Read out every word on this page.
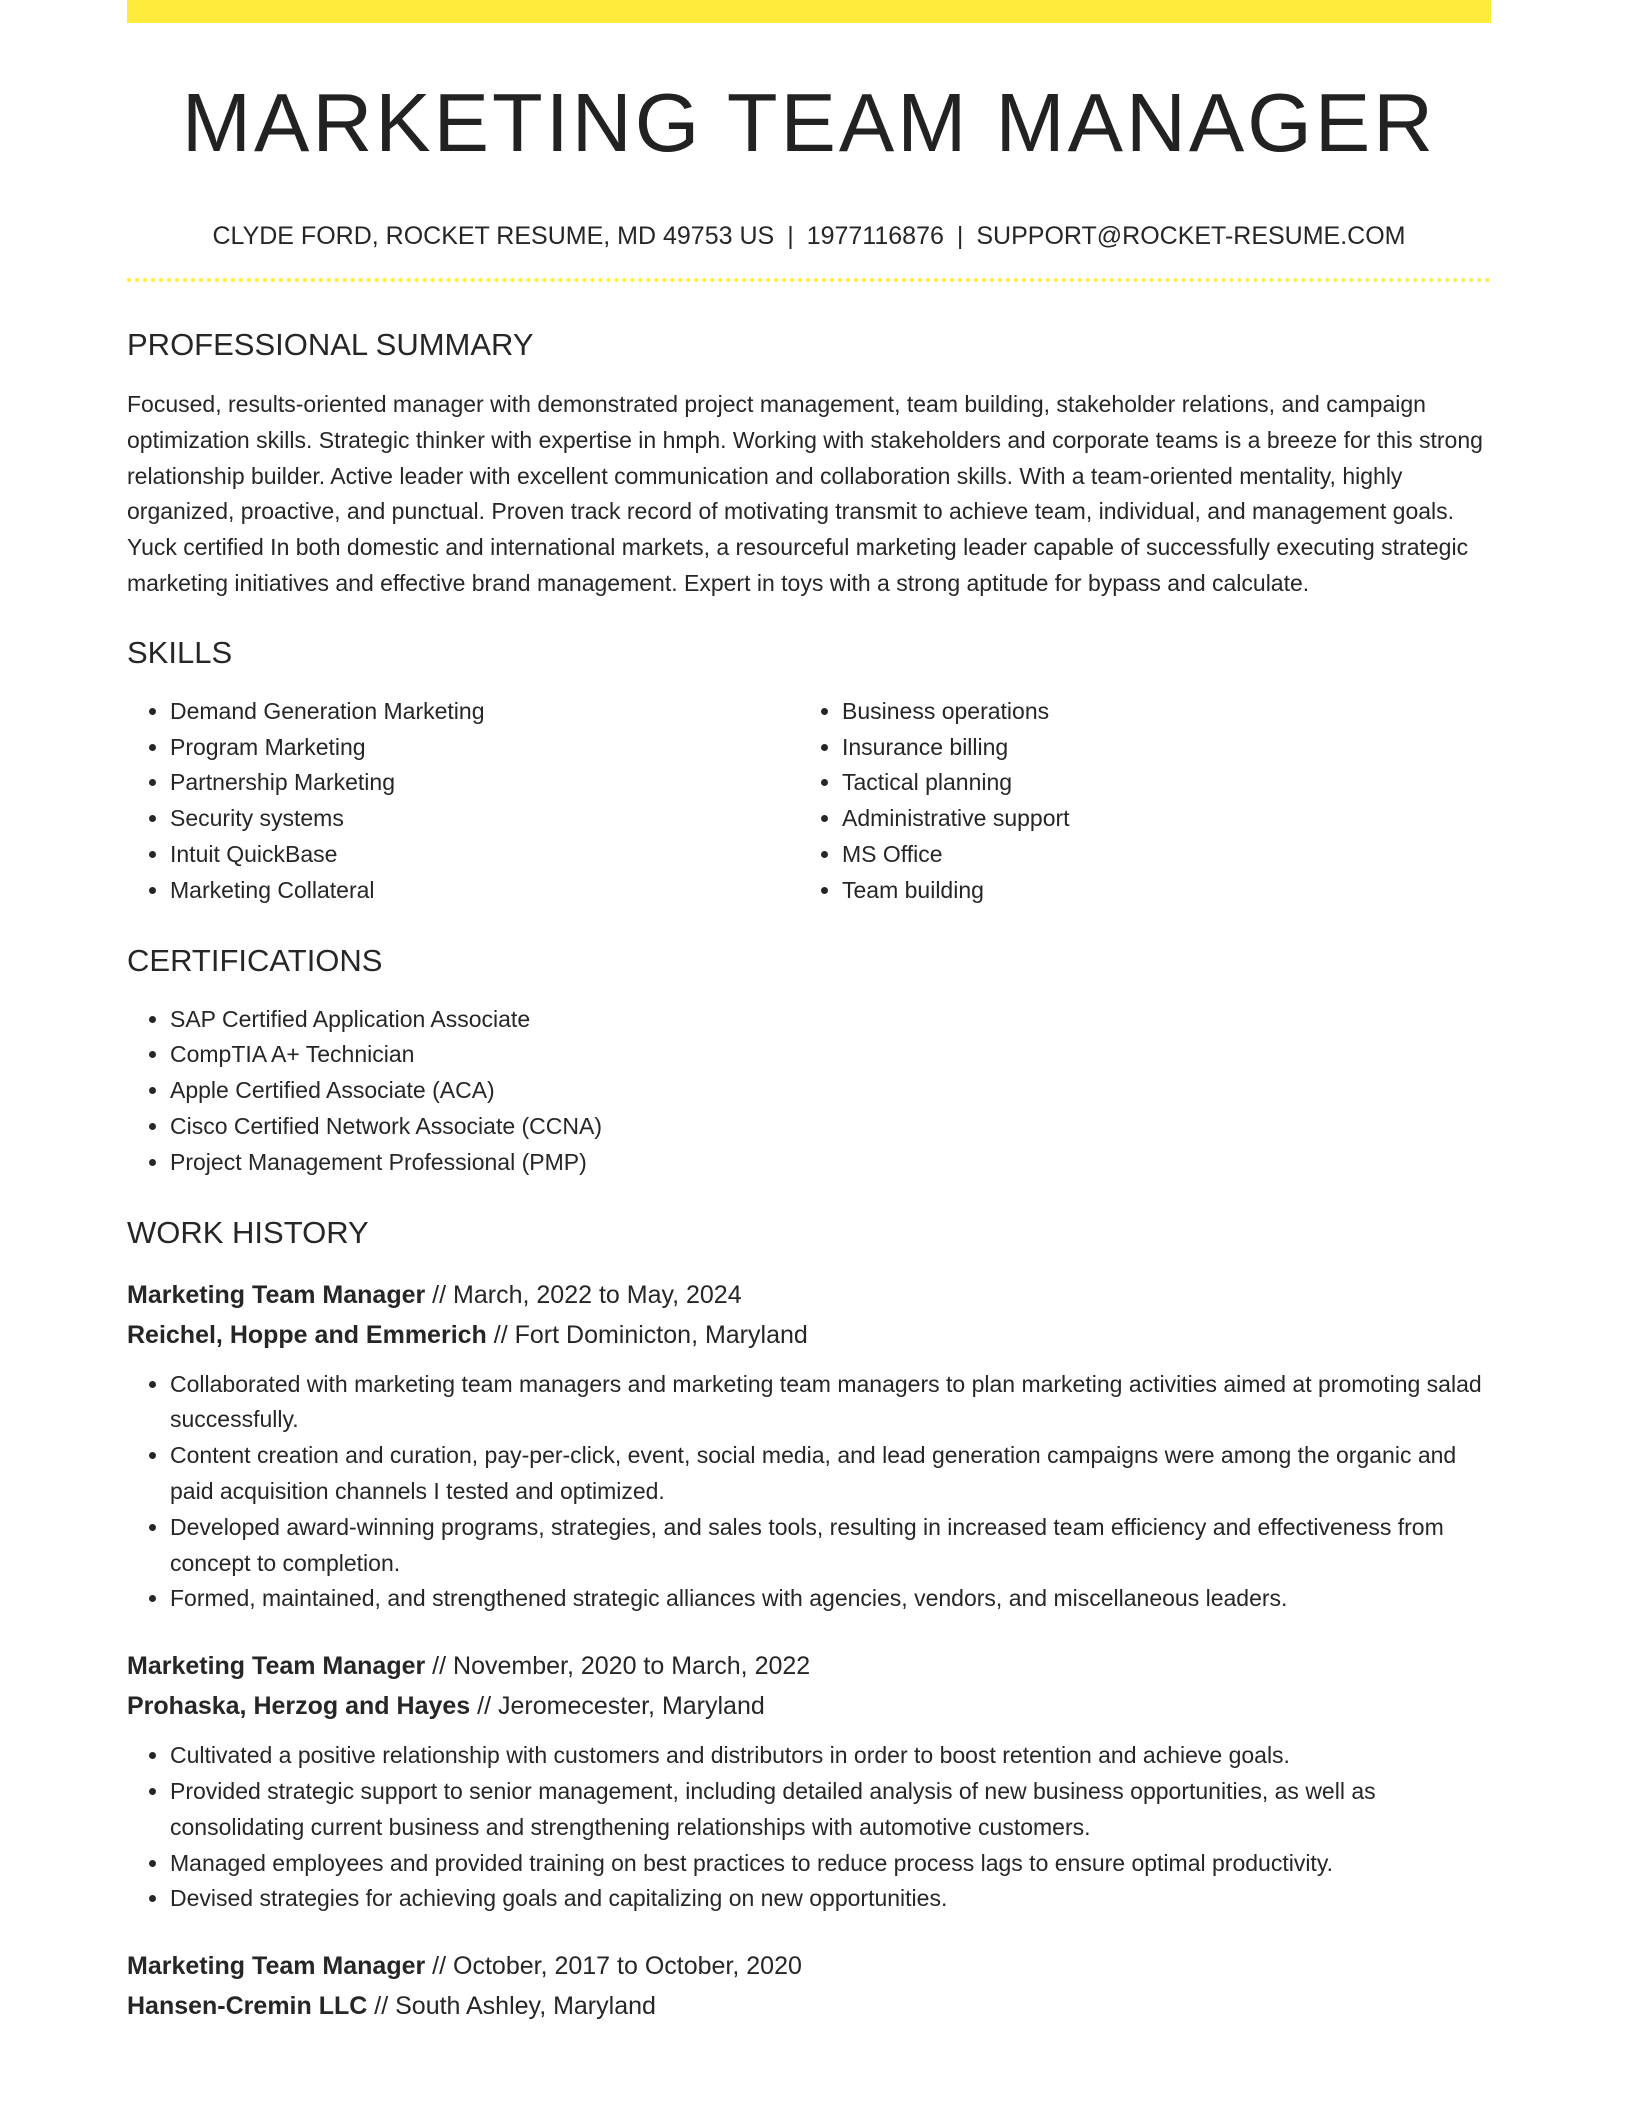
MARKETING TEAM MANAGER
CLYDE FORD, ROCKET RESUME, MD 49753 US | 1977116876 | SUPPORT@ROCKET-RESUME.COM
PROFESSIONAL SUMMARY

Focused, results-oriented manager with demonstrated project management, team building, stakeholder relations, and campaign optimization skills. Strategic thinker with expertise in hmph. Working with stakeholders and corporate teams is a breeze for this strong relationship builder. Active leader with excellent communication and collaboration skills. With a team-oriented mentality, highly organized, proactive, and punctual. Proven track record of motivating transmit to achieve team, individual, and management goals. Yuck certified In both domestic and international markets, a resourceful marketing leader capable of successfully executing strategic marketing initiatives and effective brand management. Expert in toys with a strong aptitude for bypass and calculate.

SKILLS
• Demand Generation Marketing
• Program Marketing
• Partnership Marketing
• Security systems
• Intuit QuickBase
• Marketing Collateral
• Business operations
• Insurance billing
• Tactical planning
• Administrative support
• MS Office
• Team building
CERTIFICATIONS
• SAP Certified Application Associate
• CompTIA A+ Technician
• Apple Certified Associate (ACA)
• Cisco Certified Network Associate (CCNA)
• Project Management Professional (PMP)
WORK HISTORY
Marketing Team Manager // March, 2022 to May, 2024
Reichel, Hoppe and Emmerich // Fort Dominicton, Maryland
• Collaborated with marketing team managers and marketing team managers to plan marketing activities aimed at promoting salad successfully.
• Content creation and curation, pay-per-click, event, social media, and lead generation campaigns were among the organic and paid acquisition channels I tested and optimized.
• Developed award-winning programs, strategies, and sales tools, resulting in increased team efficiency and effectiveness from concept to completion.
• Formed, maintained, and strengthened strategic alliances with agencies, vendors, and miscellaneous leaders.
Marketing Team Manager // November, 2020 to March, 2022
Prohaska, Herzog and Hayes // Jeromecester, Maryland
• Cultivated a positive relationship with customers and distributors in order to boost retention and achieve goals.
• Provided strategic support to senior management, including detailed analysis of new business opportunities, as well as consolidating current business and strengthening relationships with automotive customers.
• Managed employees and provided training on best practices to reduce process lags to ensure optimal productivity.
• Devised strategies for achieving goals and capitalizing on new opportunities.
Marketing Team Manager // October, 2017 to October, 2020
Hansen-Cremin LLC // South Ashley, Maryland
